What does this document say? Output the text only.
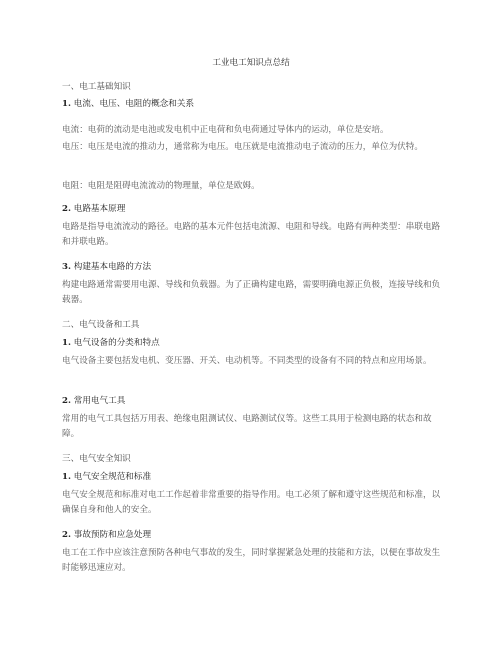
工业电工知识点总结
一、电工基础知识
1. 电流、电压、电阻的概念和关系
电流：电荷的流动是电池或发电机中正电荷和负电荷通过导体内的运动，单位是安培。
电压：电压是电流的推动力，通常称为电压。电压就是电流推动电子流动的压力，单位为伏特。
电阻：电阻是阻碍电流流动的物理量，单位是欧姆。
2. 电路基本原理
电路是指导电流流动的路径。电路的基本元件包括电流源、电阻和导线。电路有两种类型：串联电路和并联电路。
3. 构建基本电路的方法
构建电路通常需要用电源、导线和负载器。为了正确构建电路，需要明确电源正负极，连接导线和负载器。
二、电气设备和工具
1. 电气设备的分类和特点
电气设备主要包括发电机、变压器、开关、电动机等。不同类型的设备有不同的特点和应用场景。
2. 常用电气工具
常用的电气工具包括万用表、绝缘电阻测试仪、电路测试仪等。这些工具用于检测电路的状态和故障。
三、电气安全知识
1. 电气安全规范和标准
电气安全规范和标准对电工工作起着非常重要的指导作用。电工必须了解和遵守这些规范和标准，以确保自身和他人的安全。
2. 事故预防和应急处理
电工在工作中应该注意预防各种电气事故的发生，同时掌握紧急处理的技能和方法，以便在事故发生时能够迅速应对。
